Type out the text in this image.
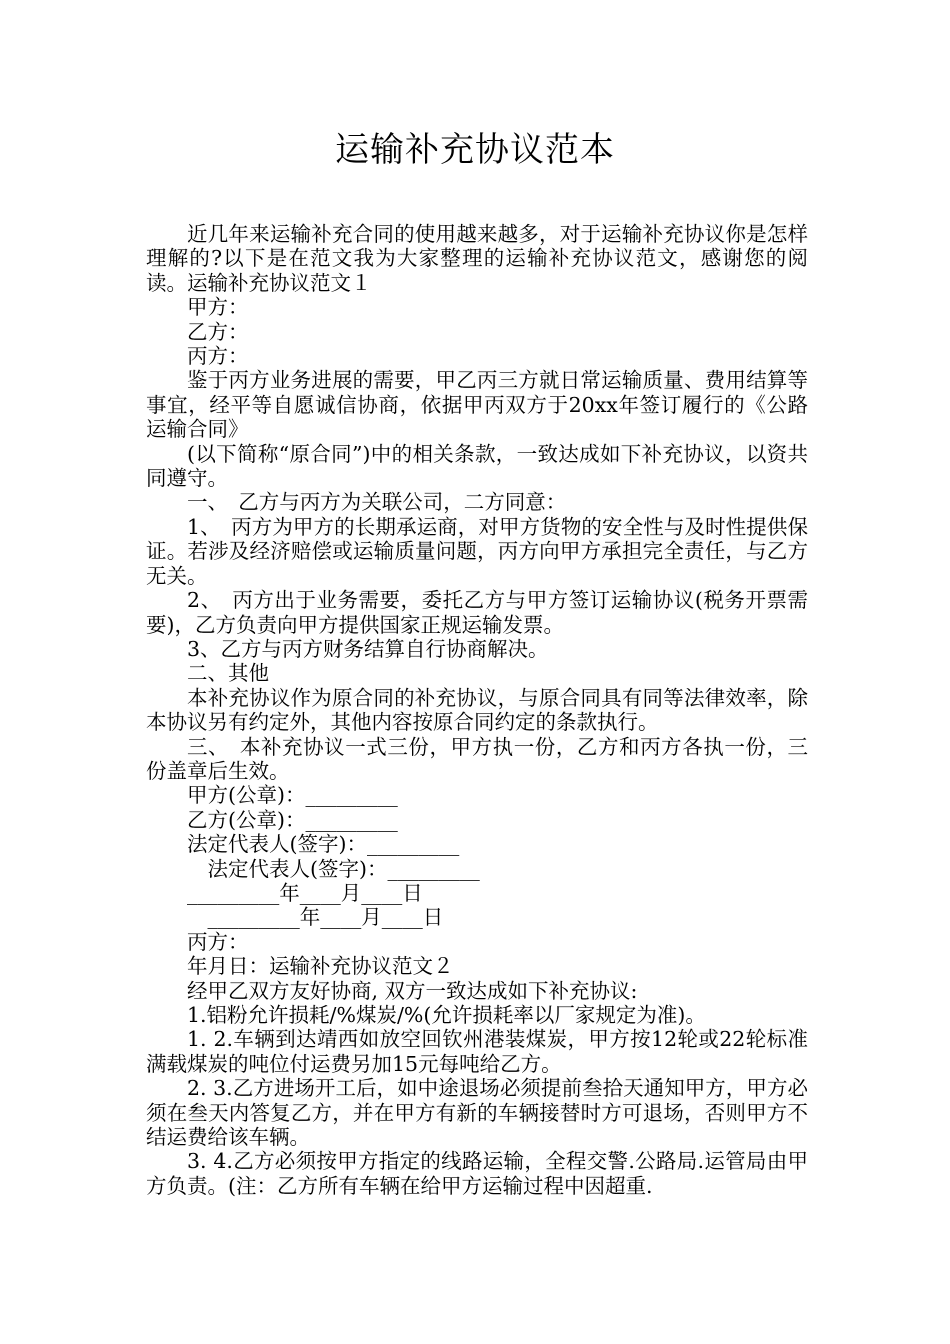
运输补充协议范本

近几年来运输补充合同的使用越来越多，对于运输补充协议你是怎样理解的?以下是在范文我为大家整理的运输补充协议范文，感谢您的阅读。运输补充协议范文１

甲方：

乙方：

丙方：

鉴于丙方业务进展的需要，甲乙丙三方就日常运输质量、费用结算等事宜，经平等自愿诚信协商，依据甲丙双方于20xx年签订履行的《公路运输合同》

(以下简称“原合同”)中的相关条款，一致达成如下补充协议，以资共同遵守。

一、　乙方与丙方为关联公司，二方同意：

1、　丙方为甲方的长期承运商，对甲方货物的安全性与及时性提供保证。若涉及经济赔偿或运输质量问题，丙方向甲方承担完全责任，与乙方无关。

2、　丙方出于业务需要，委托乙方与甲方签订运输协议(税务开票需要)，乙方负责向甲方提供国家正规运输发票。

3、乙方与丙方财务结算自行协商解决。

二、其他

本补充协议作为原合同的补充协议，与原合同具有同等法律效率，除本协议另有约定外，其他内容按原合同约定的条款执行。

三、　本补充协议一式三份，甲方执一份，乙方和丙方各执一份，三份盖章后生效。

甲方(公章)：_________

乙方(公章)：_________

法定代表人(签字)：_________

法定代表人(签字)：_________

_________年____月____日

_________年____月____日

丙方：

年月日：运输补充协议范文２

经甲乙双方友好协商, 双方一致达成如下补充协议:

1.铝粉允许损耗/%煤炭/%(允许损耗率以厂家规定为准)。

1. 2.车辆到达靖西如放空回钦州港装煤炭，甲方按12轮或22轮标准满载煤炭的吨位付运费另加15元每吨给乙方。

2. 3.乙方进场开工后，如中途退场必须提前叁拾天通知甲方，甲方必须在叁天内答复乙方，并在甲方有新的车辆接替时方可退场，否则甲方不结运费给该车辆。

3. 4.乙方必须按甲方指定的线路运输，全程交警.公路局.运管局由甲方负责。(注：乙方所有车辆在给甲方运输过程中因超重.
